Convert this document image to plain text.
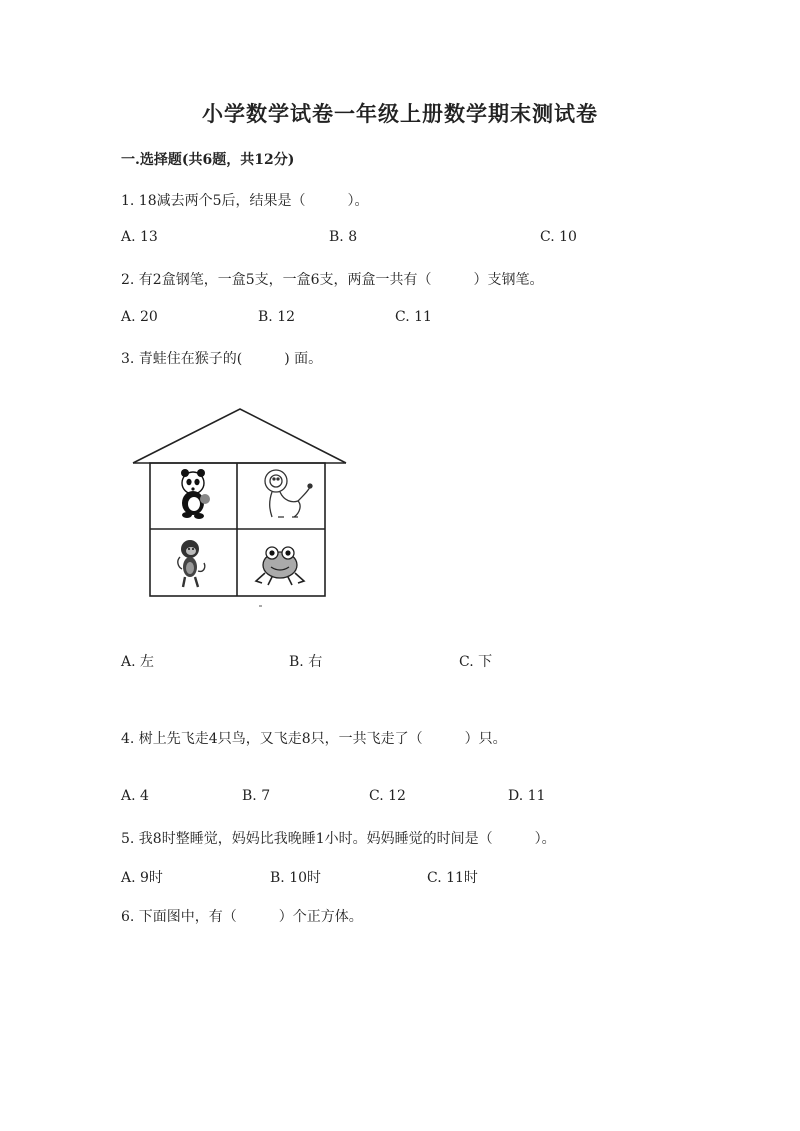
小学数学试卷一年级上册数学期末测试卷
一.选择题(共6题，共12分)
1. 18减去两个5后，结果是（　　　）。
A. 13	B. 8	C. 10
2. 有2盒钢笔，一盒5支，一盒6支，两盒一共有（　　　）支钢笔。
A. 20	B. 12	C. 11
3. 青蛙住在猴子的(　　　) 面。
A. 左	B. 右	C. 下
4. 树上先飞走4只鸟，又飞走8只，一共飞走了（　　　）只。
A. 4	B. 7	C. 12	D. 11
5. 我8时整睡觉，妈妈比我晚睡1小时。妈妈睡觉的时间是（　　　）。
A. 9时	B. 10时	C. 11时
6. 下面图中，有（　　　）个正方体。
